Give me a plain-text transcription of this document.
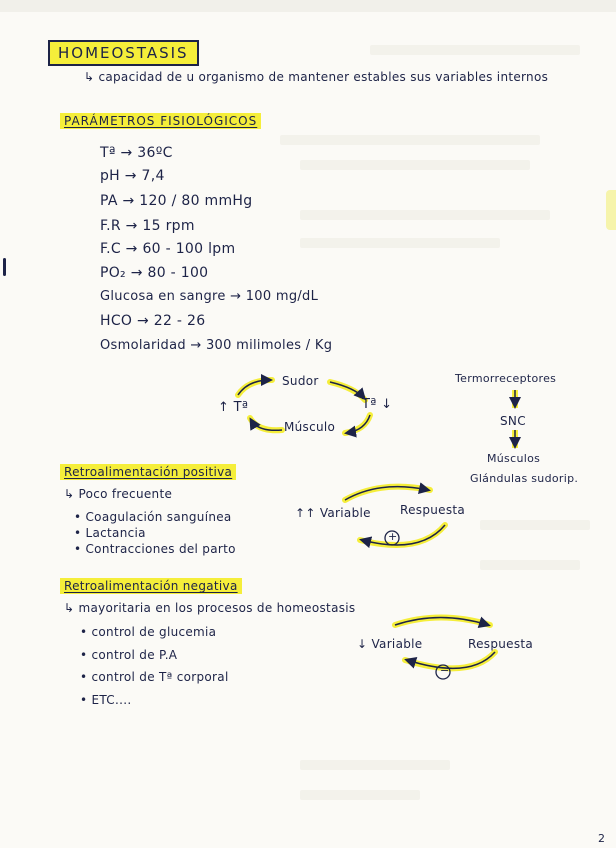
HOMEOSTASIS
↳ capacidad de u organismo de mantener estables sus variables internos
PARÁMETROS FISIOLÓGICOS
Tª → 36ºC
pH → 7,4
PA → 120 / 80 mmHg
F.R → 15 rpm
F.C → 60 - 100 lpm
PO₂ → 80 - 100
Glucosa en sangre → 100 mg/dL
HCO → 22 - 26
Osmolaridad → 300 milimoles / Kg
↑ Tª
Sudor
Tª ↓
Músculo
Termorreceptores
SNC
Músculos
Glándulas sudorip.
Retroalimentación positiva
↳ Poco frecuente
• Coagulación sanguínea
• Lactancia
• Contracciones del parto
↑↑ Variable Respuesta
+
Retroalimentación negativa
↳ mayoritaria en los procesos de homeostasis
• control de glucemia
• control de P.A
• control de Tª corporal
• ETC....
↓ Variable	Respuesta
−
2
